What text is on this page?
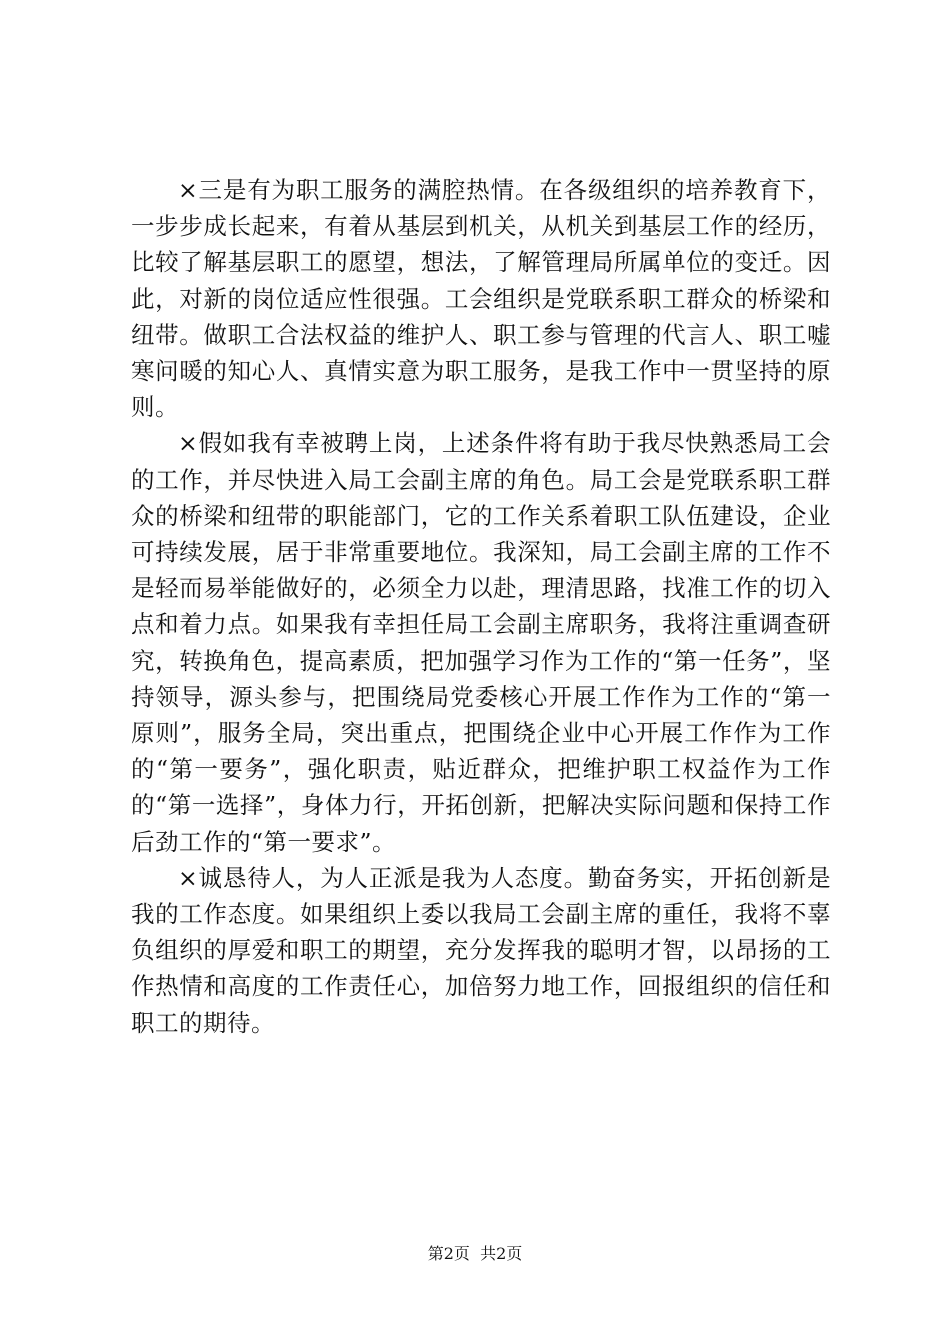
×三是有为职工服务的满腔热情。在各级组织的培养教育下，一步步成长起来，有着从基层到机关，从机关到基层工作的经历，比较了解基层职工的愿望，想法，了解管理局所属单位的变迁。因此，对新的岗位适应性很强。工会组织是党联系职工群众的桥梁和纽带。做职工合法权益的维护人、职工参与管理的代言人、职工嘘寒问暖的知心人、真情实意为职工服务，是我工作中一贯坚持的原则。

×假如我有幸被聘上岗，上述条件将有助于我尽快熟悉局工会的工作，并尽快进入局工会副主席的角色。局工会是党联系职工群众的桥梁和纽带的职能部门，它的工作关系着职工队伍建设，企业可持续发展，居于非常重要地位。我深知，局工会副主席的工作不是轻而易举能做好的，必须全力以赴，理清思路，找准工作的切入点和着力点。如果我有幸担任局工会副主席职务，我将注重调查研究，转换角色，提高素质，把加强学习作为工作的“第一任务”，坚持领导，源头参与，把围绕局党委核心开展工作作为工作的“第一原则”，服务全局，突出重点，把围绕企业中心开展工作作为工作的“第一要务”，强化职责，贴近群众，把维护职工权益作为工作的“第一选择”，身体力行，开拓创新，把解决实际问题和保持工作后劲工作的“第一要求”。

×诚恳待人，为人正派是我为人态度。勤奋务实，开拓创新是我的工作态度。如果组织上委以我局工会副主席的重任，我将不辜负组织的厚爱和职工的期望，充分发挥我的聪明才智，以昂扬的工作热情和高度的工作责任心，加倍努力地工作，回报组织的信任和职工的期待。

第2页  共2页
